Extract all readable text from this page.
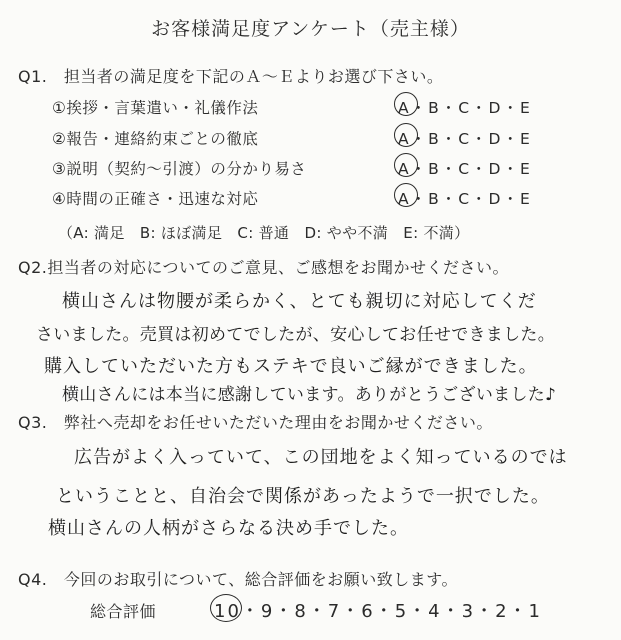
お客様満足度アンケート（売主様）
Q1.　担当者の満足度を下記のＡ～Ｅよりお選び下さい。
①挨拶・言葉遣い・礼儀作法	A・B・C・D・E
②報告・連絡約束ごとの徹底	A・B・C・D・E
③説明（契約～引渡）の分かり易さ	A・B・C・D・E
④時間の正確さ・迅速な対応	A・B・C・D・E
（A: 満足　B: ほぼ満足　C: 普通　D: やや不満　E: 不満）
Q2.担当者の対応についてのご意見、ご感想をお聞かせください。
横山さんは物腰が柔らかく、とても親切に対応してくだ
さいました。売買は初めてでしたが、安心してお任せできました。
購入していただいた方もステキで良いご縁ができました。
横山さんには本当に感謝しています。ありがとうございました♪
Q3.　弊社へ売却をお任せいただいた理由をお聞かせください。
広告がよく入っていて、この団地をよく知っているのでは
ということと、自治会で関係があったようで一択でした。
横山さんの人柄がさらなる決め手でした。
Q4.　今回のお取引について、総合評価をお願い致します。
総合評価	10・9・8・7・6・5・4・3・2・1
